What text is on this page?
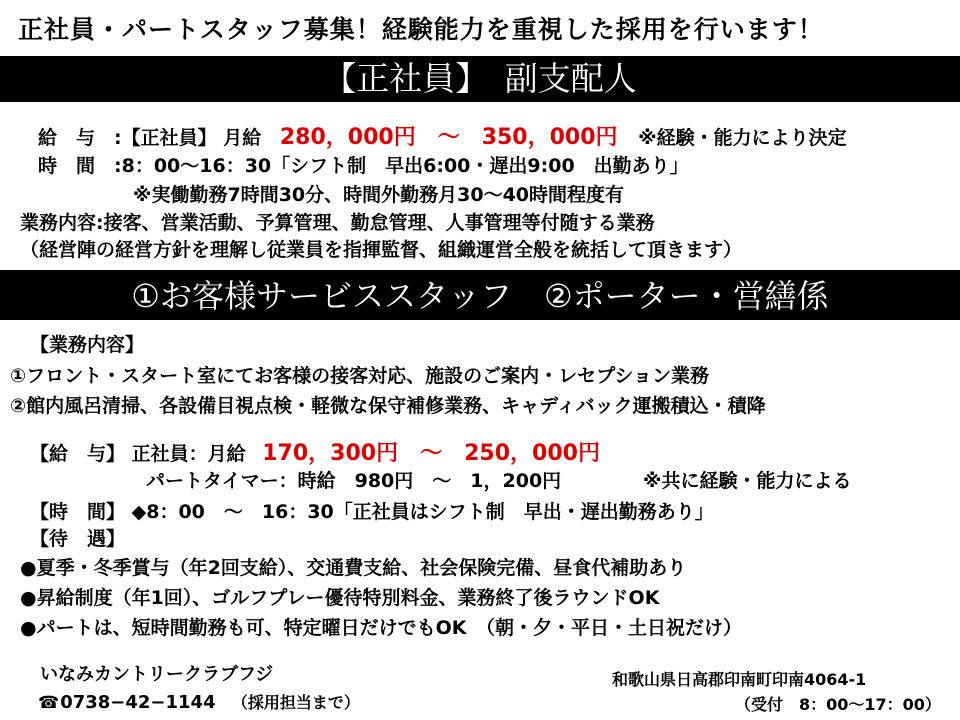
正社員・パートスタッフ募集！経験能力を重視した採用を行います！
【正社員】　副支配人
給　与　:【正社員】 月給 280，000円　～　350，000円 ※経験・能力により決定
時　間　:8：00～16：30「シフト制　早出6:00・遅出9:00　出勤あり」
※実働勤務7時間30分、時間外勤務月30～40時間程度有
業務内容:接客、営業活動、予算管理、勤怠管理、人事管理等付随する業務
（経営陣の経営方針を理解し従業員を指揮監督、組織運営全般を統括して頂きます）
①お客様サービススタッフ　②ポーター・営繕係
【業務内容】
①フロント・スタート室にてお客様の接客対応、施設のご案内・レセプション業務
②館内風呂清掃、各設備目視点検・軽微な保守補修業務、キャディバック運搬積込・積降
【給　与】 正社員：月給 170，300円　～　250，000円
パートタイマー：時給　980円　～　1，200円	※共に経験・能力による
【時　間】 ◆8：00　～　16：30「正社員はシフト制　早出・遅出勤務あり」
【待　遇】
●夏季・冬季賞与（年2回支給）、交通費支給、社会保険完備、昼食代補助あり
●昇給制度（年1回）、ゴルフプレー優待特別料金、業務終了後ラウンドOK
●パートは、短時間勤務も可、特定曜日だけでもOK　（朝・夕・平日・土日祝だけ）
いなみカントリークラブフジ
☎0738−42−1144 （採用担当まで）
和歌山県日高郡印南町印南4064-1
（受付　8：00～17：00）
